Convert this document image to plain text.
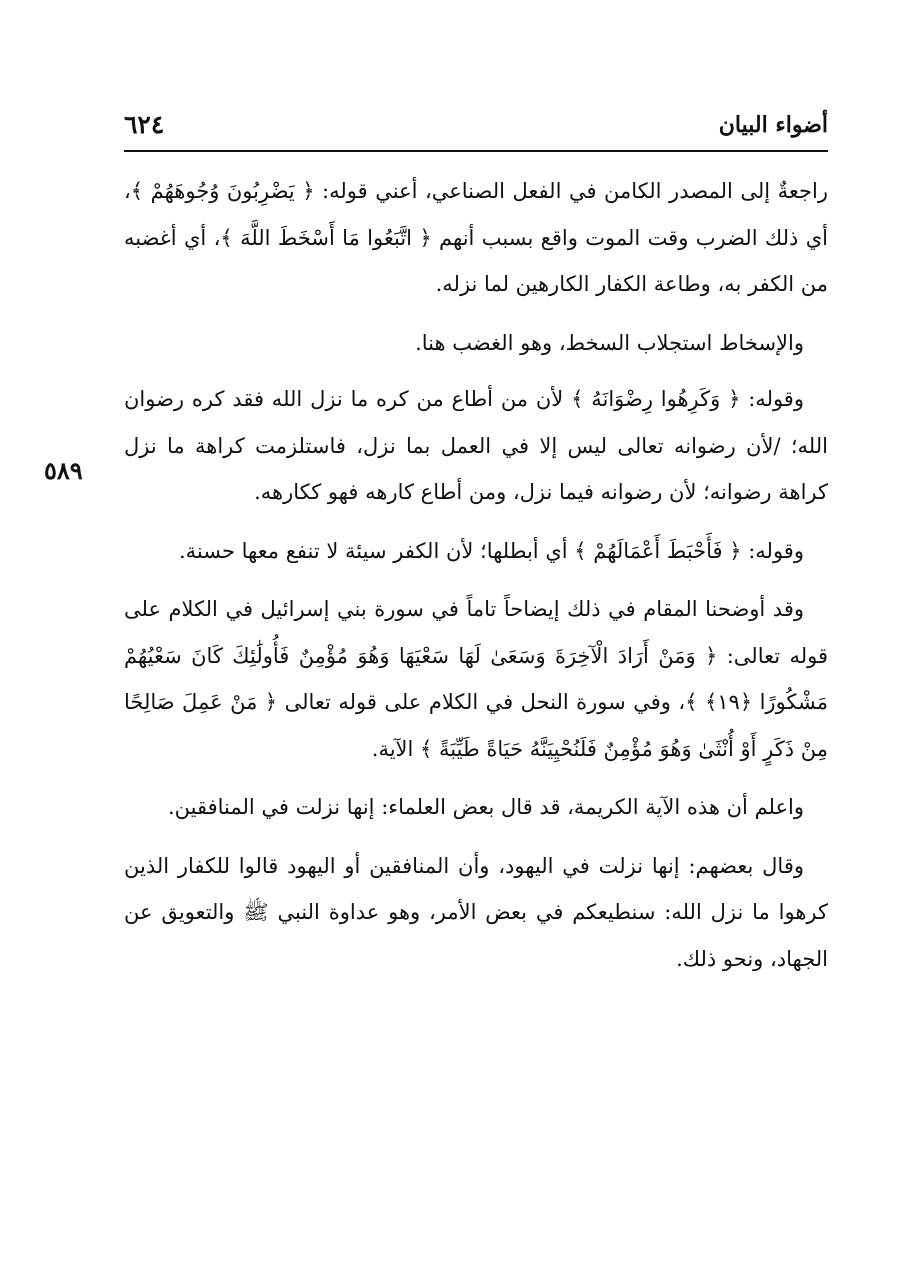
٦٢٤	أضواء البيان
٥٨٩

راجعةٌ إلى المصدر الكامن في الفعل الصناعي، أعني قوله: ﴿ يَضْرِبُونَ وُجُوهَهُمْ ﴾، أي ذلك الضرب وقت الموت واقع بسبب أنهم ﴿ اتَّبَعُوا مَا أَسْخَطَ اللَّهَ ﴾، أي أغضبه من الكفر به، وطاعة الكفار الكارهين لما نزله.

والإسخاط استجلاب السخط، وهو الغضب هنا.

وقوله: ﴿ وَكَرِهُوا رِضْوَانَهُ ﴾ لأن من أطاع من كره ما نزل الله فقد كره رضوان الله؛ /لأن رضوانه تعالى ليس إلا في العمل بما نزل، فاستلزمت كراهة ما نزل كراهة رضوانه؛ لأن رضوانه فيما نزل، ومن أطاع كارهه فهو ككارهه.

وقوله: ﴿ فَأَحْبَطَ أَعْمَالَهُمْ ﴾ أي أبطلها؛ لأن الكفر سيئة لا تنفع معها حسنة.

وقد أوضحنا المقام في ذلك إيضاحاً تاماً في سورة بني إسرائيل في الكلام على قوله تعالى: ﴿ وَمَنْ أَرَادَ الْآخِرَةَ وَسَعَىٰ لَهَا سَعْيَهَا وَهُوَ مُؤْمِنٌ فَأُولَٰئِكَ كَانَ سَعْيُهُمْ مَشْكُورًا ﴿١٩﴾ ﴾، وفي سورة النحل في الكلام على قوله تعالى ﴿ مَنْ عَمِلَ صَالِحًا مِنْ ذَكَرٍ أَوْ أُنْثَىٰ وَهُوَ مُؤْمِنٌ فَلَنُحْيِيَنَّهُ حَيَاةً طَيِّبَةً ﴾ الآية.

واعلم أن هذه الآية الكريمة، قد قال بعض العلماء: إنها نزلت في المنافقين.

وقال بعضهم: إنها نزلت في اليهود، وأن المنافقين أو اليهود قالوا للكفار الذين كرهوا ما نزل الله: سنطيعكم في بعض الأمر، وهو عداوة النبي ﷺ والتعويق عن الجهاد، ونحو ذلك.
